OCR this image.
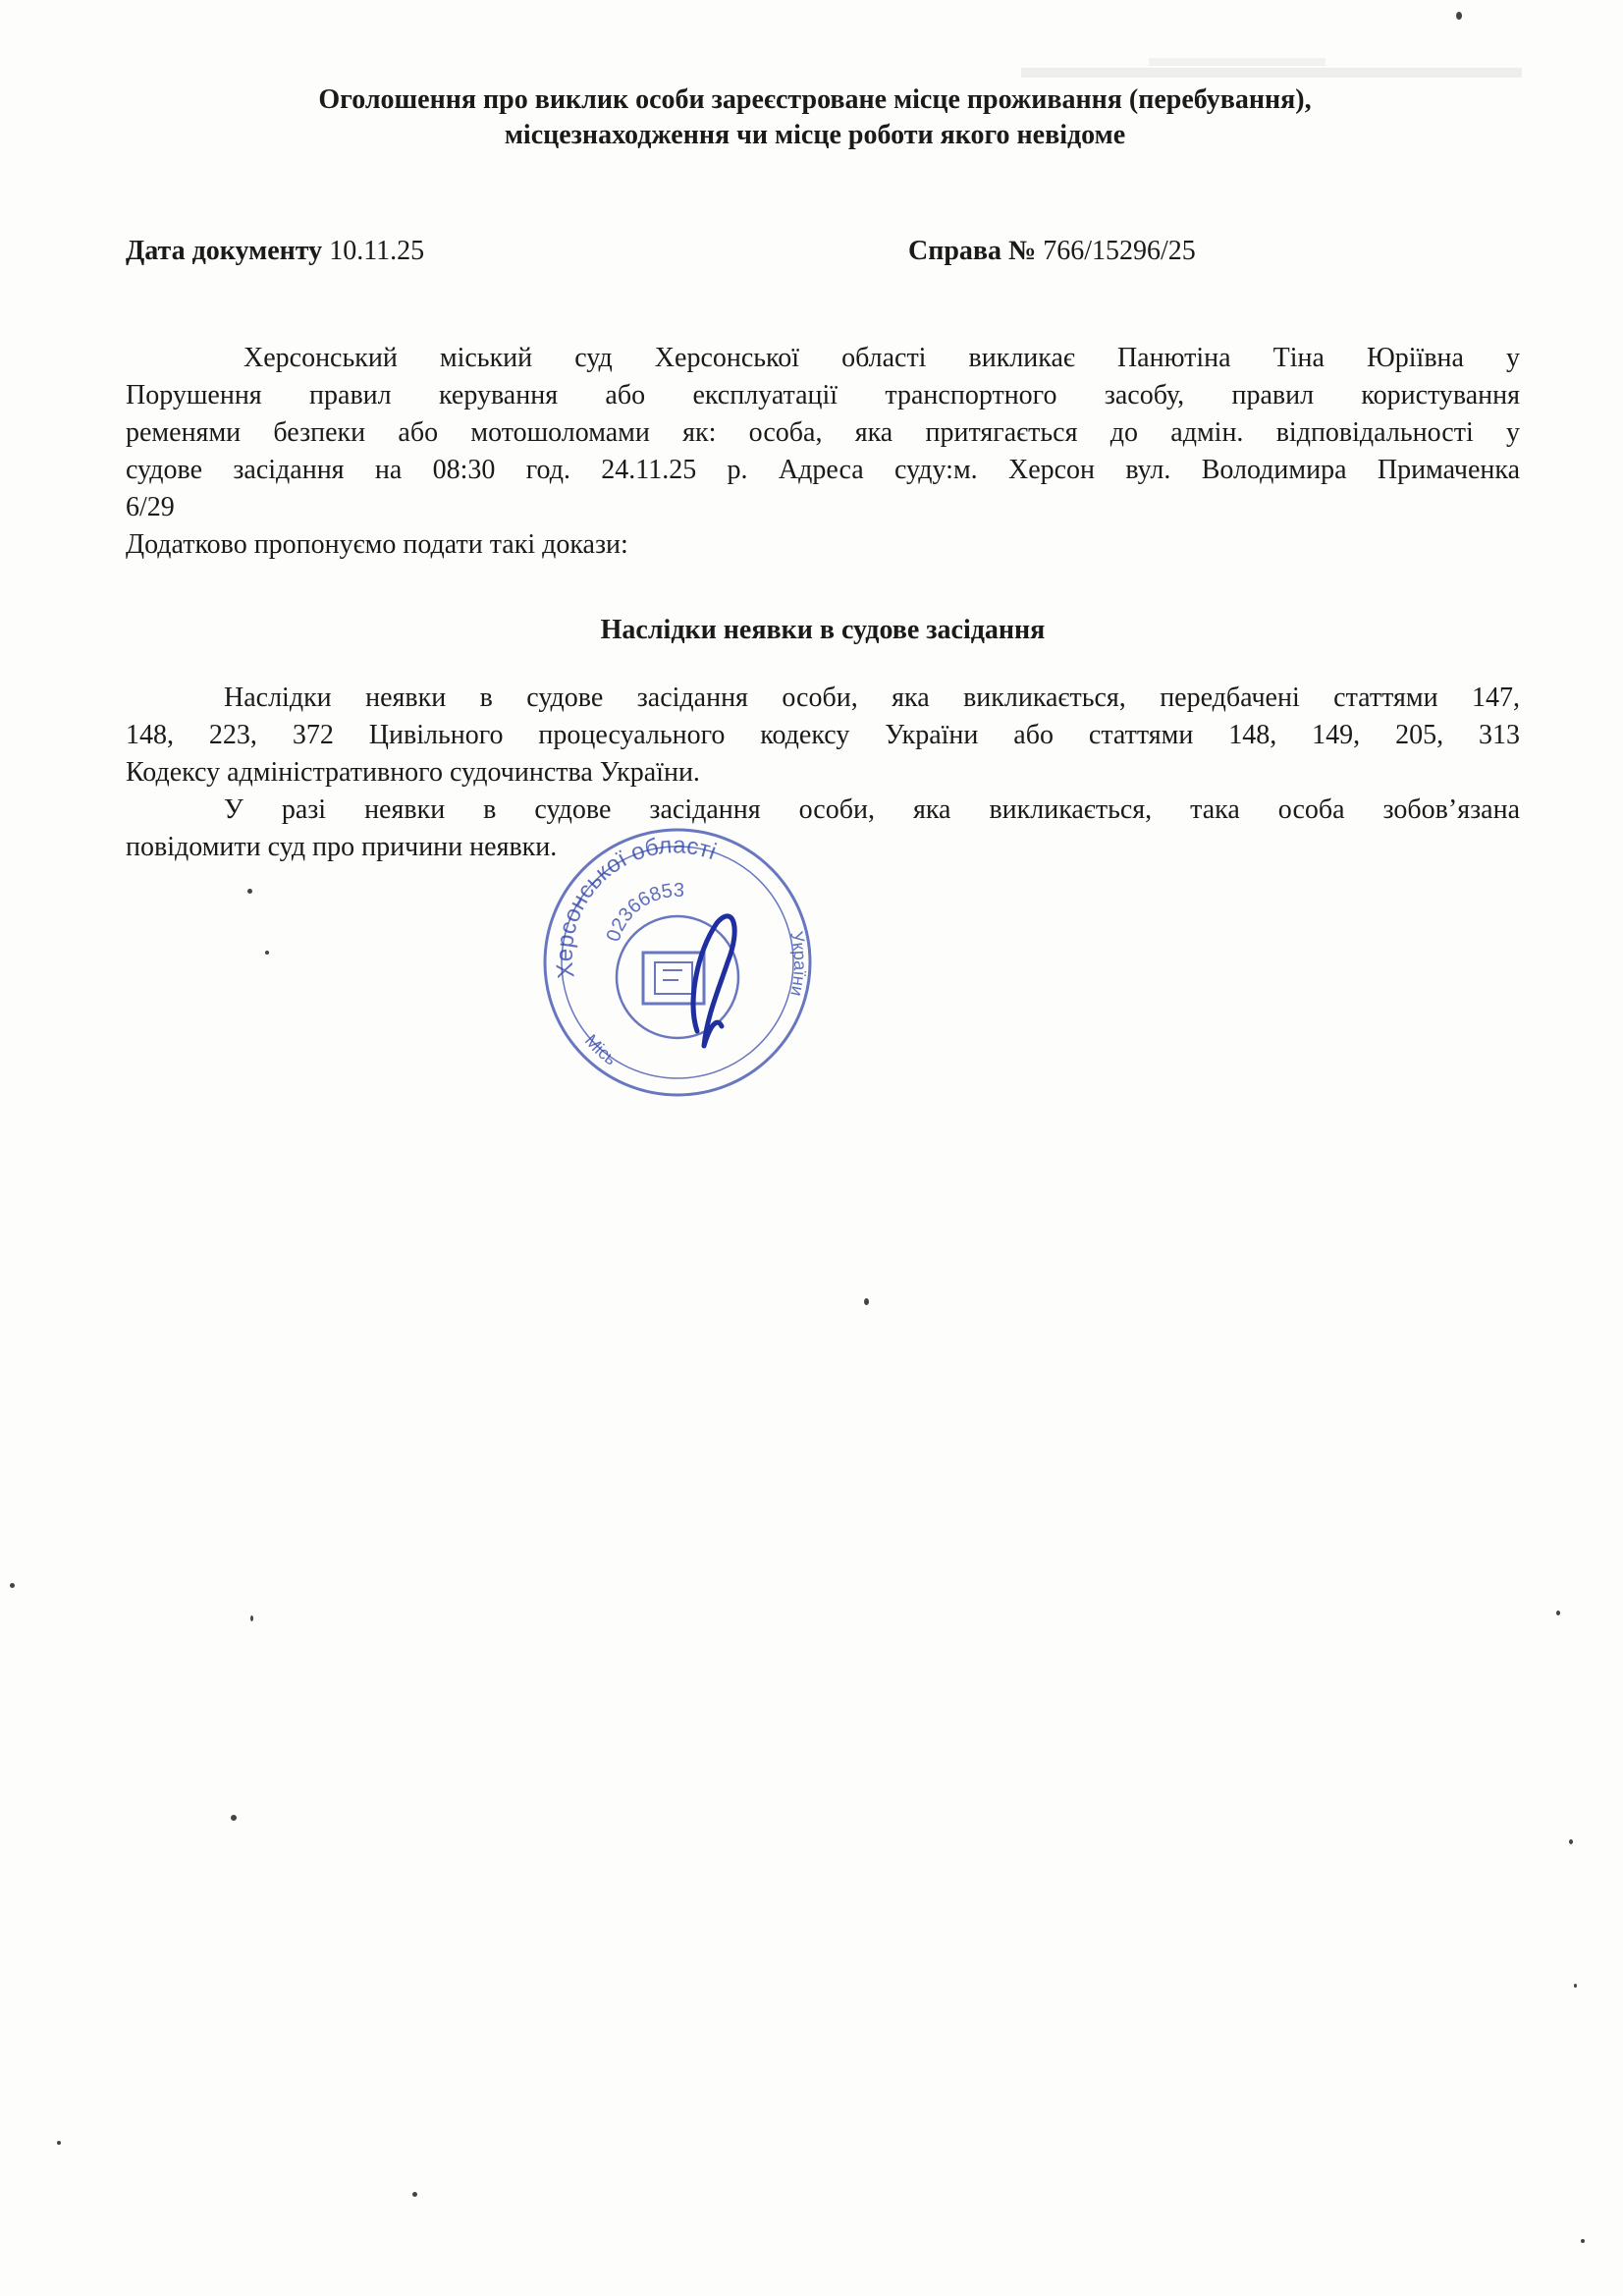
Оголошення про виклик особи зареєстроване місце проживання (перебування),
місцезнаходження чи місце роботи якого невідоме
Дата документу 10.11.25	Справа № 766/15296/25
Херсонський міський суд Херсонської області викликає Панютіна Тіна Юріївна у
Порушення правил керування або експлуатації транспортного засобу, правил користування
ременями безпеки або мотошоломами як: особа, яка притягається до адмін. відповідальності у
судове засідання на 08:30 год. 24.11.25 р. Адреса суду:м. Херсон вул. Володимира Примаченка
6/29
Додатково пропонуємо подати такі докази:
Наслідки неявки в судове засідання
Наслідки неявки в судове засідання особи, яка викликається, передбачені статтями 147,
148, 223, 372 Цивільного процесуального кодексу України або статтями 148, 149, 205, 313
Кодексу адміністративного судочинства України.
У разі неявки в судове засідання особи, яка викликається, така особа зобов’язана
повідомити суд про причини неявки.
Херсонської області
02366853
України
Місь
